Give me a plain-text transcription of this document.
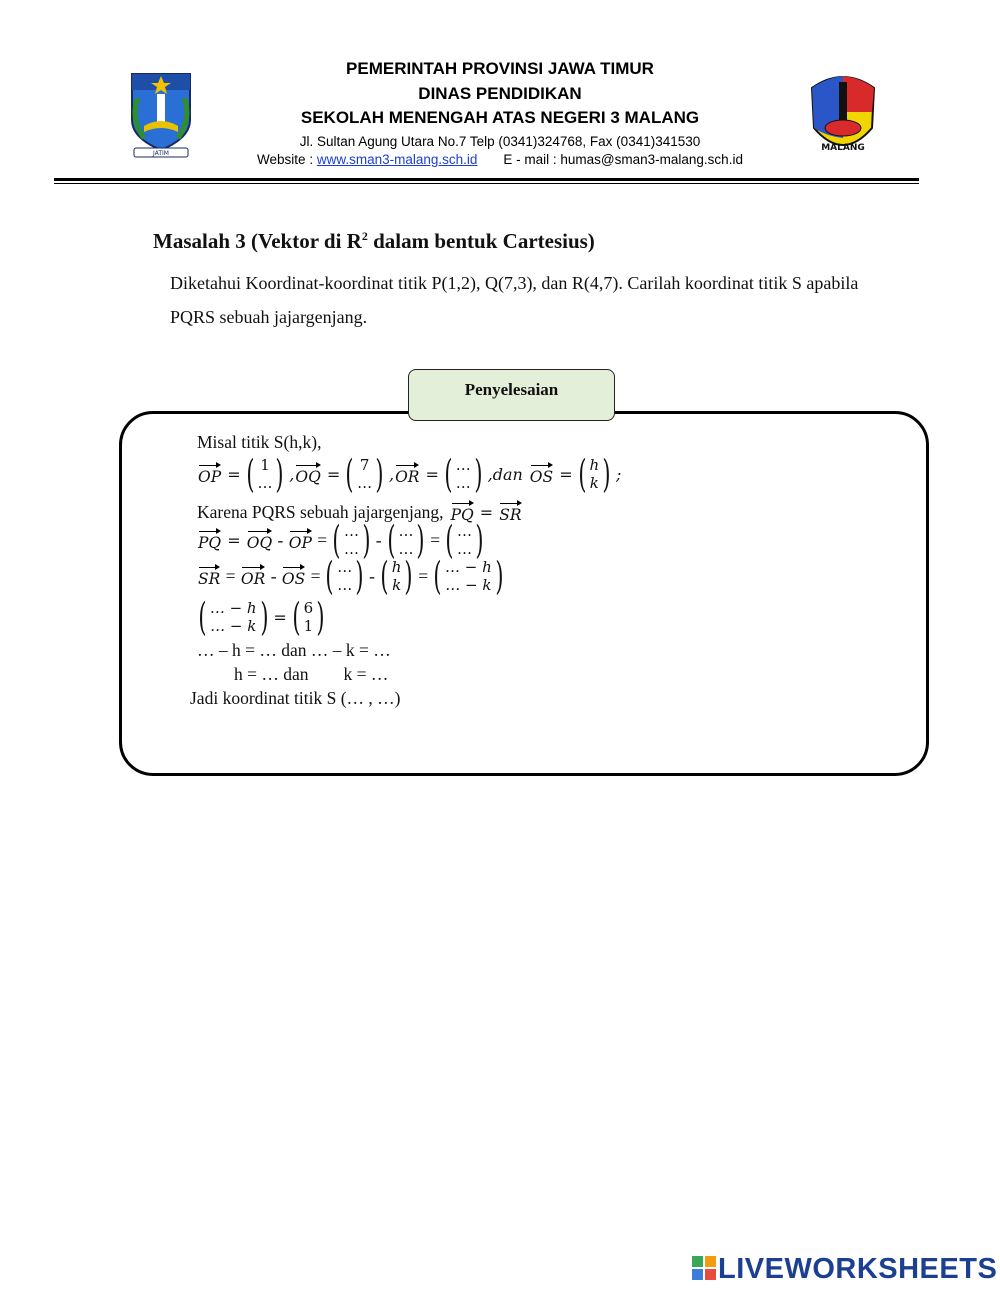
JATIM
MALANG
PEMERINTAH PROVINSI JAWA TIMUR
DINAS PENDIDIKAN
SEKOLAH MENENGAH ATAS NEGERI 3 MALANG
Jl. Sultan Agung Utara No.7 Telp (0341)324768, Fax (0341)341530
Website : www.sman3-malang.sch.id E - mail : humas@sman3-malang.sch.id
Masalah 3 (Vektor di $R^2$ dalam bentuk Cartesius)
Diketahui Koordinat-koordinat titik P(1,2), Q(7,3), dan R(4,7). Carilah koordinat titik S apabila PQRS sebuah jajargenjang.
Penyelesaian
Misal titik S(h,k),
OP
= ( 1
… ) , OQ
= ( 7
… ) , OR
= ( …
… ) , dan OS
= ( h
k ) ;
Karena PQRS sebuah jajargenjang, PQ
=
SR
PQ
=
OQ
-
OP
= ( …
… ) - ( …
… ) = ( …
… )
SR
=
OR
-
OS
= ( …
… ) - ( h
k ) = ( … − h
… − k )
( … − h
… − k ) = ( 6
1 )
… – h = … dan … – k = …
h = … dan        k = …
Jadi koordinat titik S (… , …)
LIVEWORKSHEETS
